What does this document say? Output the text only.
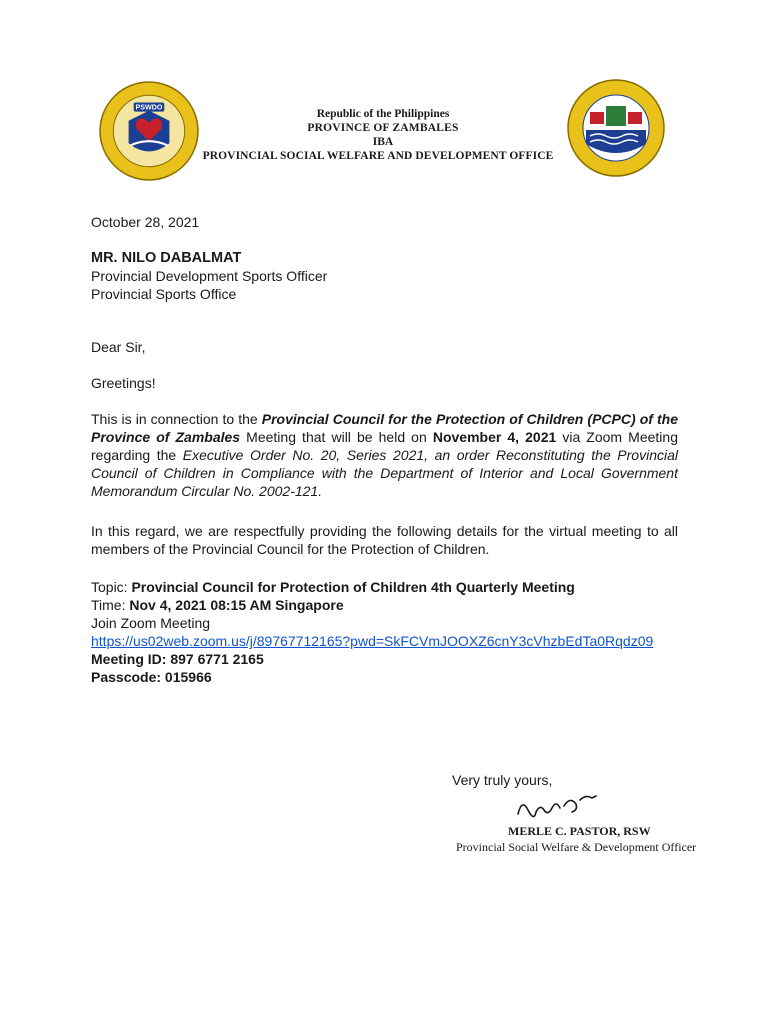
PSWDO
Republic of the Philippines
PROVINCE OF ZAMBALES
IBA
PROVINCIAL SOCIAL WELFARE AND DEVELOPMENT OFFICE
October 28, 2021
MR. NILO DABALMAT
Provincial Development Sports Officer
Provincial Sports Office
Dear Sir,
Greetings!
This is in connection to the Provincial Council for the Protection of Children (PCPC) of the Province of Zambales Meeting that will be held on November 4, 2021 via Zoom Meeting regarding the Executive Order No. 20, Series 2021, an order Reconstituting the Provincial Council of Children in Compliance with the Department of Interior and Local Government Memorandum Circular No. 2002-121.
In this regard, we are respectfully providing the following details for the virtual meeting to all members of the Provincial Council for the Protection of Children.
Topic: Provincial Council for Protection of Children 4th Quarterly Meeting
Time: Nov 4, 2021 08:15 AM Singapore
Join Zoom Meeting
https://us02web.zoom.us/j/89767712165?pwd=SkFCVmJOOXZ6cnY3cVhzbEdTa0Rqdz09
Meeting ID: 897 6771 2165
Passcode: 015966
Very truly yours,
MERLE C. PASTOR, RSW
Provincial Social Welfare & Development Officer
